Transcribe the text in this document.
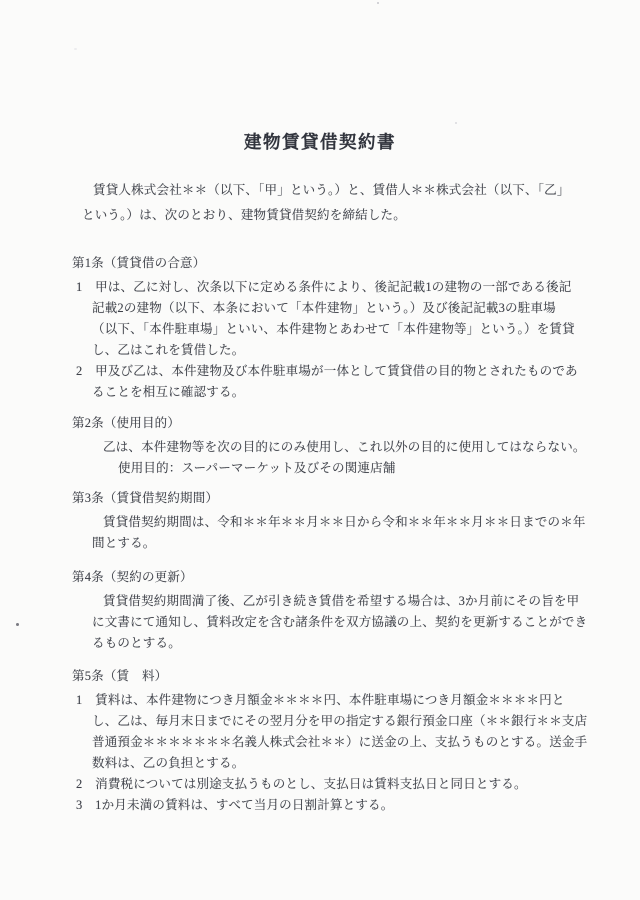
建物賃貸借契約書
賃貸人株式会社＊＊（以下、「甲」という。）と、賃借人＊＊株式会社（以下、「乙」
という。）は、次のとおり、建物賃貸借契約を締結した。
第1条（賃貸借の合意）
1　甲は、乙に対し、次条以下に定める条件により、後記記載1の建物の一部である後記
記載2の建物（以下、本条において「本件建物」という。）及び後記記載3の駐車場
（以下、「本件駐車場」といい、本件建物とあわせて「本件建物等」という。）を賃貸
し、乙はこれを賃借した。
2　甲及び乙は、本件建物及び本件駐車場が一体として賃貸借の目的物とされたものであ
ることを相互に確認する。
第2条（使用目的）
乙は、本件建物等を次の目的にのみ使用し、これ以外の目的に使用してはならない。
使用目的：スーパーマーケット及びその関連店舗
第3条（賃貸借契約期間）
賃貸借契約期間は、令和＊＊年＊＊月＊＊日から令和＊＊年＊＊月＊＊日までの＊年
間とする。
第4条（契約の更新）
賃貸借契約期間満了後、乙が引き続き賃借を希望する場合は、3か月前にその旨を甲
に文書にて通知し、賃料改定を含む諸条件を双方協議の上、契約を更新することができ
るものとする。
第5条（賃　料）
1　賃料は、本件建物につき月額金＊＊＊＊円、本件駐車場につき月額金＊＊＊＊円と
し、乙は、毎月末日までにその翌月分を甲の指定する銀行預金口座（＊＊銀行＊＊支店
普通預金＊＊＊＊＊＊＊名義人株式会社＊＊）に送金の上、支払うものとする。送金手
数料は、乙の負担とする。
2　消費税については別途支払うものとし、支払日は賃料支払日と同日とする。
3　1か月未満の賃料は、すべて当月の日割計算とする。
